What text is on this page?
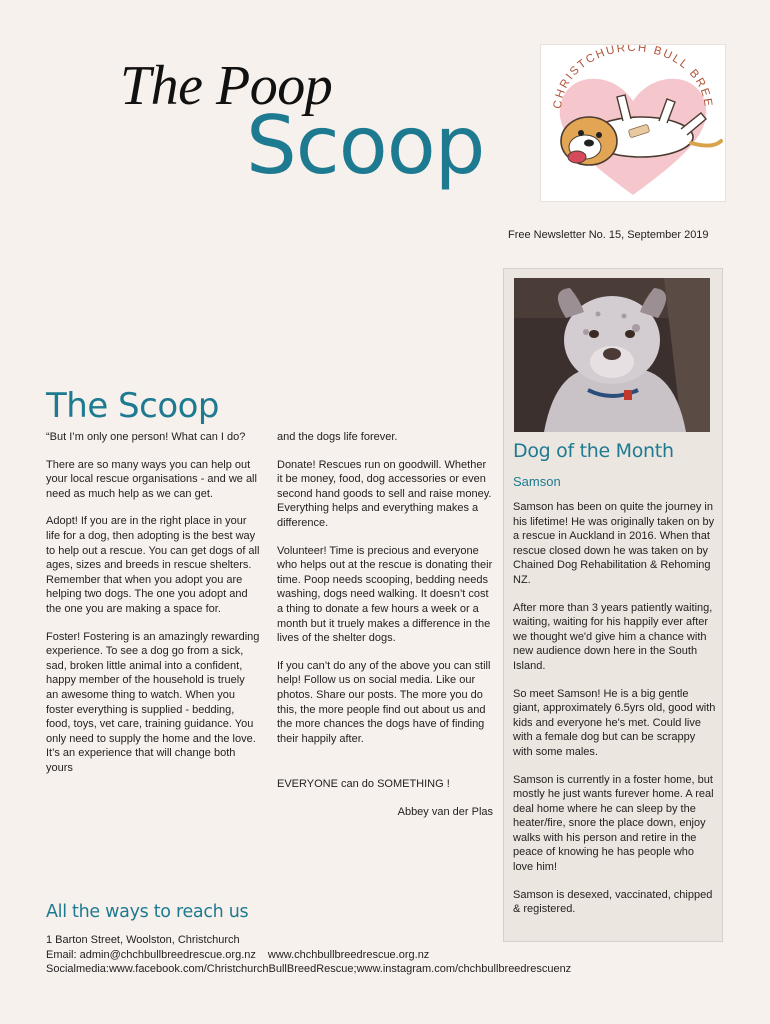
The Poop
Scoop
Free Newsletter No. 15, September 2019
CHRISTCHURCH BULL BREE
The Scoop

“But I’m only one person! What can I do?

There are so many ways you can help out your local rescue organisations - and we all need as much help as we can get.

Adopt! If you are in the right place in your life for a dog, then adopting is the best way to help out a rescue. You can get dogs of all ages, sizes and breeds in rescue shelters. Remember that when you adopt you are helping two dogs. The one you adopt and the one you are making a space for.

Foster! Fostering is an amazingly rewarding experience. To see a dog go from a sick, sad, broken little animal into a confident, happy member of the household is truely an awesome thing to watch. When you foster everything is supplied - bedding, food, toys, vet care, training guidance. You only need to supply the home and the love. It’s an experience that will change both yours

and the dogs life forever.

Donate! Rescues run on goodwill. Whether it be money, food, dog accessories or even second hand goods to sell and raise money. Everything helps and everything makes a difference.

Volunteer! Time is precious and everyone who helps out at the rescue is donating their time. Poop needs scooping, bedding needs washing, dogs need walking. It doesn’t cost a thing to donate a few hours a week or a month but it truely makes a difference in the lives of the shelter dogs.

If you can’t do any of the above you can still help! Follow us on social media. Like our photos. Share our posts. The more you do this, the more people find out about us and the more chances the dogs have of finding their happily after.

EVERYONE can do SOMETHING !

Abbey van der Plas

Dog of the Month
Samson

Samson has been on quite the journey in his lifetime! He was originally taken on by a rescue in Auckland in 2016. When that rescue closed down he was taken on by Chained Dog Rehabilitation & Rehoming NZ.

After more than 3 years patiently waiting, waiting, waiting for his happily ever after we thought we'd give him a chance with new audience down here in the South Island.

So meet Samson! He is a big gentle giant, approximately 6.5yrs old, good with kids and everyone he's met. Could live with a female dog but can be scrappy with some males.

Samson is currently in a foster home, but mostly he just wants furever home. A real deal home where he can sleep by the heater/fire, snore the place down, enjoy walks with his person and retire in the peace of knowing he has people who love him!

Samson is desexed, vaccinated, chipped & registered.

All the ways to reach us
1 Barton Street, Woolston, Christchurch
Email: admin@chchbullbreedrescue.org.nz www.chchbullbreedrescue.org.nz
Socialmedia:www.facebook.com/ChristchurchBullBreedRescue;www.instagram.com/chchbullbreedrescuenz
